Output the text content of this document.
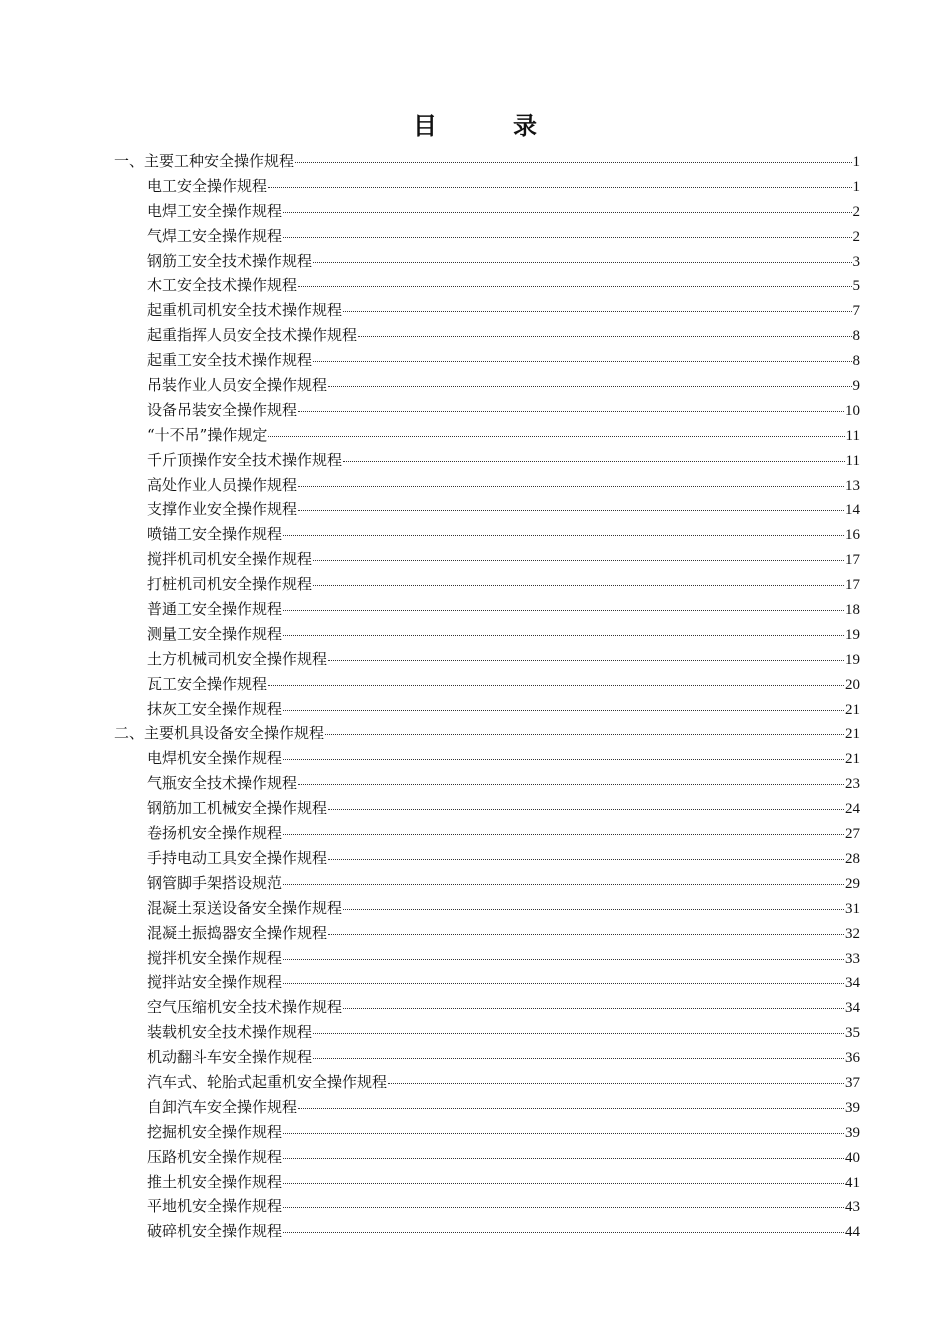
目　录
一、主要工种安全操作规程	1
电工安全操作规程	1
电焊工安全操作规程	2
气焊工安全操作规程	2
钢筋工安全技术操作规程	3
木工安全技术操作规程	5
起重机司机安全技术操作规程	7
起重指挥人员安全技术操作规程	8
起重工安全技术操作规程	8
吊装作业人员安全操作规程	9
设备吊装安全操作规程	10
“十不吊”操作规定	11
千斤顶操作安全技术操作规程	11
高处作业人员操作规程	13
支撑作业安全操作规程	14
喷锚工安全操作规程	16
搅拌机司机安全操作规程	17
打桩机司机安全操作规程	17
普通工安全操作规程	18
测量工安全操作规程	19
土方机械司机安全操作规程	19
瓦工安全操作规程	20
抹灰工安全操作规程	21
二、主要机具设备安全操作规程	21
电焊机安全操作规程	21
气瓶安全技术操作规程	23
钢筋加工机械安全操作规程	24
卷扬机安全操作规程	27
手持电动工具安全操作规程	28
钢管脚手架搭设规范	29
混凝土泵送设备安全操作规程	31
混凝土振捣器安全操作规程	32
搅拌机安全操作规程	33
搅拌站安全操作规程	34
空气压缩机安全技术操作规程	34
装载机安全技术操作规程	35
机动翻斗车安全操作规程	36
汽车式、轮胎式起重机安全操作规程	37
自卸汽车安全操作规程	39
挖掘机安全操作规程	39
压路机安全操作规程	40
推土机安全操作规程	41
平地机安全操作规程	43
破碎机安全操作规程	44
